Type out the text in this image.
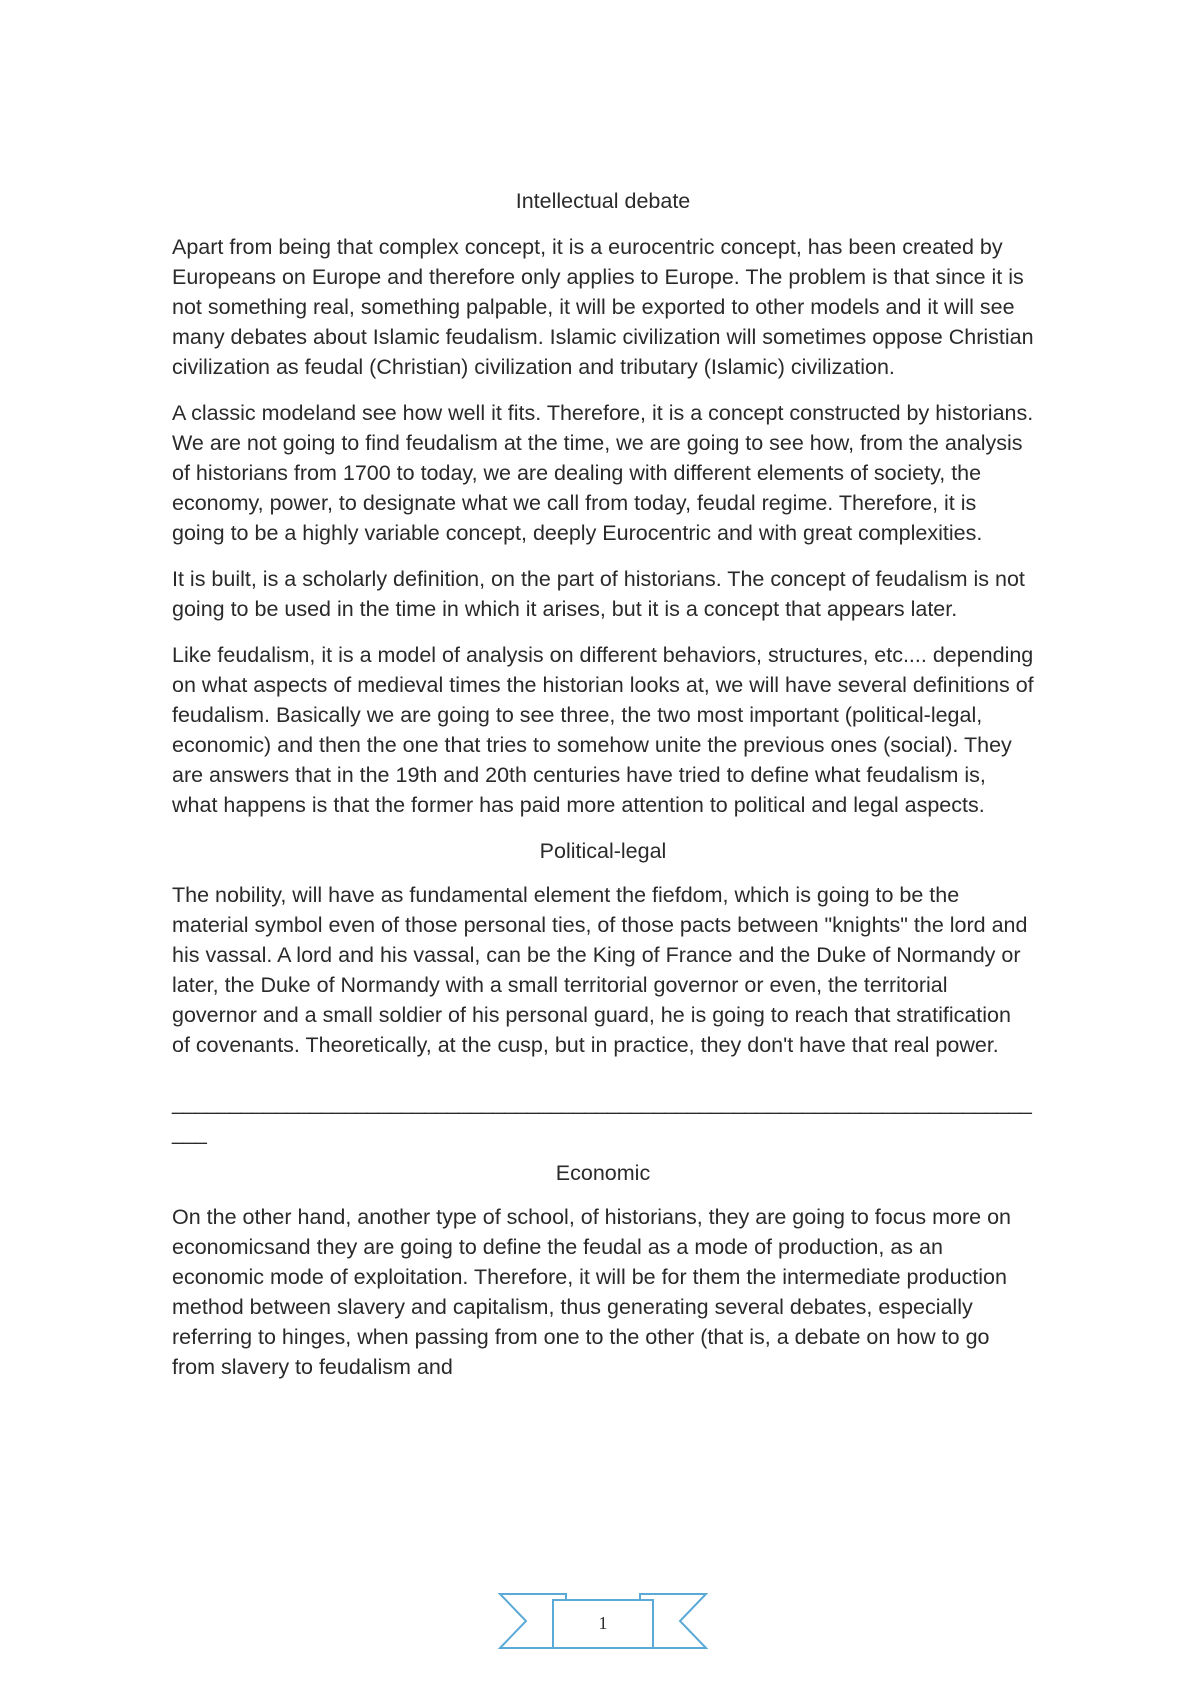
Intellectual debate

Apart from being that complex concept, it is a eurocentric concept, has been created by Europeans on Europe and therefore only applies to Europe. The problem is that since it is not something real, something palpable, it will be exported to other models and it will see many debates about Islamic feudalism. Islamic civilization will sometimes oppose Christian civilization as feudal (Christian) civilization and tributary (Islamic) civilization.

A classic modeland see how well it fits. Therefore, it is a concept constructed by historians. We are not going to find feudalism at the time, we are going to see how, from the analysis of historians from 1700 to today, we are dealing with different elements of society, the economy, power, to designate what we call from today, feudal regime. Therefore, it is going to be a highly variable concept, deeply Eurocentric and with great complexities.

It is built, is a scholarly definition, on the part of historians. The concept of feudalism is not going to be used in the time in which it arises, but it is a concept that appears later.

Like feudalism, it is a model of analysis on different behaviors, structures, etc.... depending on what aspects of medieval times the historian looks at, we will have several definitions of feudalism. Basically we are going to see three, the two most important (political-legal, economic) and then the one that tries to somehow unite the previous ones (social). They are answers that in the 19th and 20th centuries have tried to define what feudalism is, what happens is that the former has paid more attention to political and legal aspects.

Political-legal

The nobility, will have as fundamental element the fiefdom, which is going to be the material symbol even of those personal ties, of those pacts between "knights" the lord and his vassal. A lord and his vassal, can be the King of France and the Duke of Normandy or later, the Duke of Normandy with a small territorial governor or even, the territorial governor and a small soldier of his personal guard, he is going to reach that stratification of covenants. Theoretically, at the cusp, but in practice, they don't have that real power.

______________________________________________________________________________
Economic

On the other hand, another type of school, of historians, they are going to focus more on economicsand they are going to define the feudal as a mode of production, as an economic mode of exploitation. Therefore, it will be for them the intermediate production method between slavery and capitalism, thus generating several debates, especially referring to hinges, when passing from one to the other (that is, a debate on how to go from slavery to feudalism and

1
